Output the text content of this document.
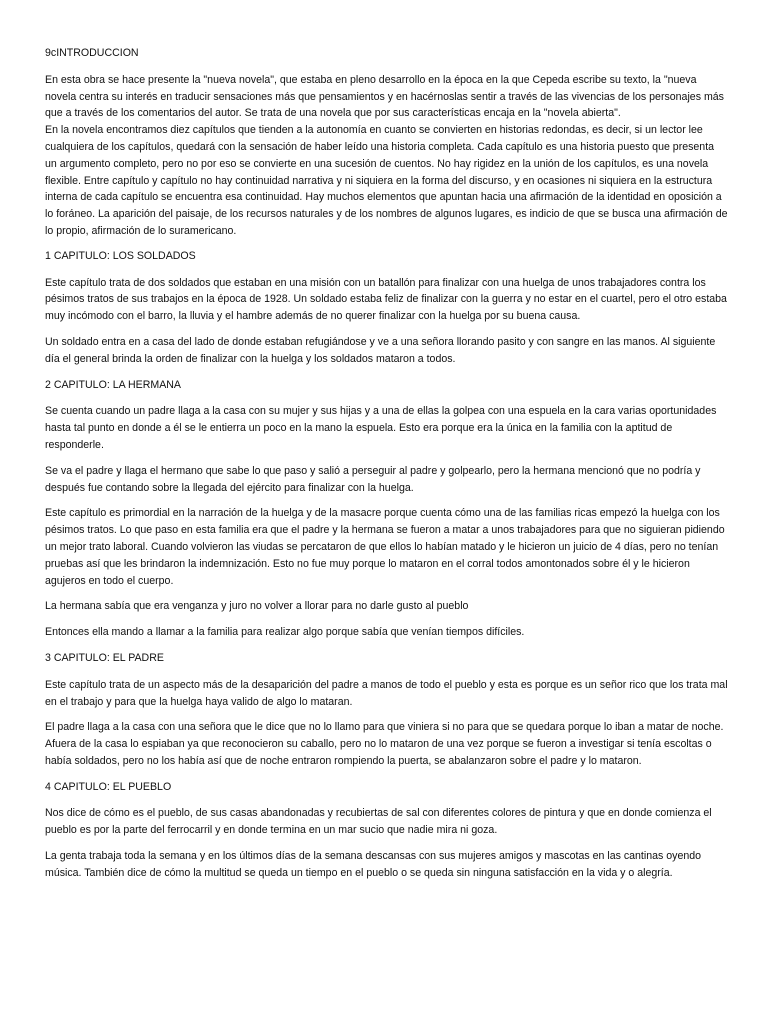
9cINTRODUCCION

En esta obra se hace presente la "nueva novela", que estaba en pleno desarrollo en la época en la que Cepeda escribe su texto, la "nueva novela centra su interés en traducir sensaciones más que pensamientos y en hacérnoslas sentir a través de las vivencias de los personajes más que a través de los comentarios del autor. Se trata de una novela que por sus características encaja en la "novela abierta".

En la novela encontramos diez capítulos que tienden a la autonomía en cuanto se convierten en historias redondas, es decir, si un lector lee cualquiera de los capítulos, quedará con la sensación de haber leído una historia completa. Cada capítulo es una historia puesto que presenta un argumento completo, pero no por eso se convierte en una sucesión de cuentos. No hay rigidez en la unión de los capítulos, es una novela flexible. Entre capítulo y capítulo no hay continuidad narrativa y ni siquiera en la forma del discurso, y en ocasiones ni siquiera en la estructura interna de cada capítulo se encuentra esa continuidad. Hay muchos elementos que apuntan hacia una afirmación de la identidad en oposición a lo foráneo. La aparición del paisaje, de los recursos naturales y de los nombres de algunos lugares, es indicio de que se busca una afirmación de lo propio, afirmación de lo suramericano.

1 CAPITULO: LOS SOLDADOS

Este capítulo trata de dos soldados que estaban en una misión con un batallón para finalizar con una huelga de unos trabajadores contra los pésimos tratos de sus trabajos en la época de 1928. Un soldado estaba feliz de finalizar con la guerra y no estar en el cuartel, pero el otro estaba muy incómodo con el barro, la lluvia y el hambre además de no querer finalizar con la huelga por su buena causa.

Un soldado entra en a casa del lado de donde estaban refugiándose y ve a una señora llorando pasito y con sangre en las manos. Al siguiente día el general brinda la orden de finalizar con la huelga y los soldados mataron a todos.

2 CAPITULO: LA HERMANA

Se cuenta cuando un padre llaga a la casa con su mujer y sus hijas y a una de ellas la golpea con una espuela en la cara varias oportunidades hasta tal punto en donde a él se le entierra un poco en la mano la espuela. Esto era porque era la única en la familia con la aptitud de responderle.

Se va el padre y llaga el hermano que sabe lo que paso y salió a perseguir al padre y golpearlo, pero la hermana mencionó que no podría y después fue contando sobre la llegada del ejército para finalizar con la huelga.

Este capítulo es primordial en la narración de la huelga y de la masacre porque cuenta cómo una de las familias ricas empezó la huelga con los pésimos tratos. Lo que paso en esta familia era que el padre y la hermana se fueron a matar a unos trabajadores para que no siguieran pidiendo un mejor trato laboral. Cuando volvieron las viudas se percataron de que ellos lo habían matado y le hicieron un juicio de 4 días, pero no tenían pruebas así que les brindaron la indemnización. Esto no fue muy porque lo mataron en el corral todos amontonados sobre él y le hicieron agujeros en todo el cuerpo.

La hermana sabía que era venganza y juro no volver a llorar para no darle gusto al pueblo

Entonces ella mando a llamar a la familia para realizar algo porque sabía que venían tiempos difíciles.

3 CAPITULO: EL PADRE

Este capítulo trata de un aspecto más de la desaparición del padre a manos de todo el pueblo y esta es porque es un señor rico que los trata mal en el trabajo y para que la huelga haya valido de algo lo mataran.

El padre llaga a la casa con una señora que le dice que no lo llamo para que viniera si no para que se quedara porque lo iban a matar de noche. Afuera de la casa lo espiaban ya que reconocieron su caballo, pero no lo mataron de una vez porque se fueron a investigar si tenía escoltas o había soldados, pero no los había así que de noche entraron rompiendo la puerta, se abalanzaron sobre el padre y lo mataron.

4 CAPITULO: EL PUEBLO

Nos dice de cómo es el pueblo, de sus casas abandonadas y recubiertas de sal con diferentes colores de pintura y que en donde comienza el pueblo es por la parte del ferrocarril y en donde termina en un mar sucio que nadie mira ni goza.

La genta trabaja toda la semana y en los últimos días de la semana descansas con sus mujeres amigos y mascotas en las cantinas oyendo música. También dice de cómo la multitud se queda un tiempo en el pueblo o se queda sin ninguna satisfacción en la vida y o alegría.
